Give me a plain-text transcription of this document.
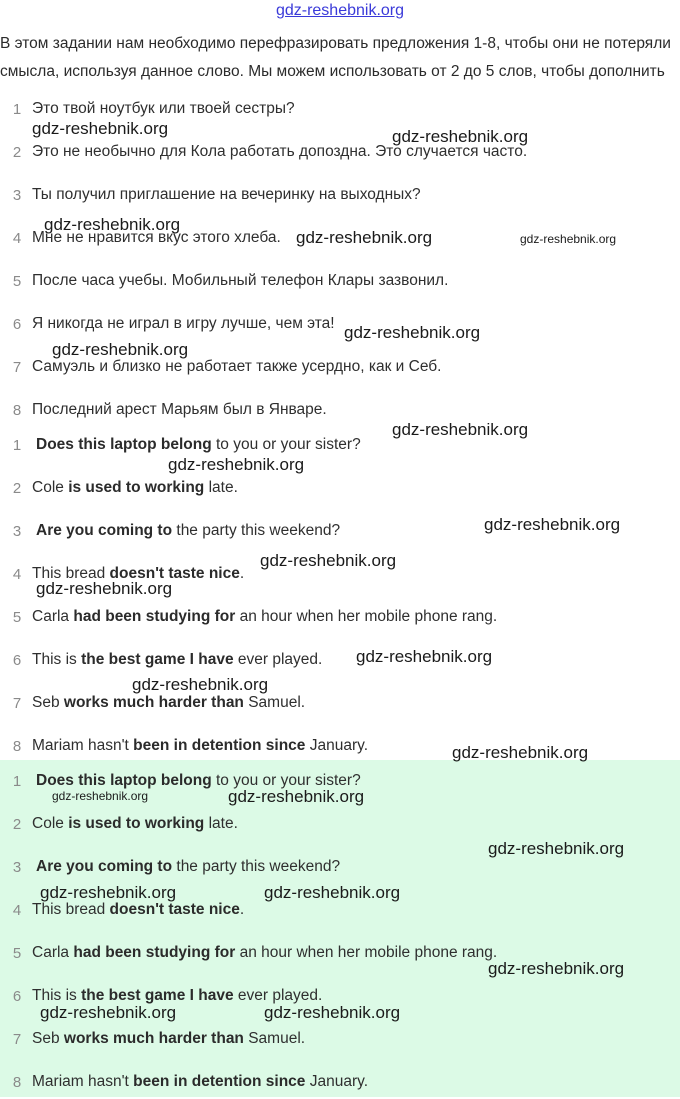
gdz-reshebnik.org
В этом задании нам необходимо перефразировать предложения 1-8, чтобы они не потеряли смысла, используя данное слово. Мы можем использовать от 2 до 5 слов, чтобы дополнить
1 Это твой ноутбук или твоей сестры?
2 Это не необычно для Кола работать допоздна. Это случается часто.
3 Ты получил приглашение на вечеринку на выходных?
4 Мне не нравится вкус этого хлеба.
5 После часа учебы. Мобильный телефон Клары зазвонил.
6 Я никогда не играл в игру лучше, чем эта!
7 Самуэль и близко не работает также усердно, как и Себ.
8 Последний арест Марьям был в Январе.
1 Does this laptop belong to you or your sister?
2 Cole is used to working late.
3 Are you coming to the party this weekend?
4 This bread doesn't taste nice.
5 Carla had been studying for an hour when her mobile phone rang.
6 This is the best game I have ever played.
7 Seb works much harder than Samuel.
8 Mariam hasn't been in detention since January.
1 Does this laptop belong to you or your sister?
2 Cole is used to working late.
3 Are you coming to the party this weekend?
4 This bread doesn't taste nice.
5 Carla had been studying for an hour when her mobile phone rang.
6 This is the best game I have ever played.
7 Seb works much harder than Samuel.
8 Mariam hasn't been in detention since January.
gdz-reshebnik.org	gdz-reshebnik.org
gdz-reshebnik.org
gdz-reshebnik.org	gdz-reshebnik.org
gdz-reshebnik.org
gdz-reshebnik.org
gdz-reshebnik.org
gdz-reshebnik.org
gdz-reshebnik.org
gdz-reshebnik.org
gdz-reshebnik.org
gdz-reshebnik.org
gdz-reshebnik.org
gdz-reshebnik.org
gdz-reshebnik.org	gdz-reshebnik.org
gdz-reshebnik.org
gdz-reshebnik.org	gdz-reshebnik.org
gdz-reshebnik.org
gdz-reshebnik.org	gdz-reshebnik.org
